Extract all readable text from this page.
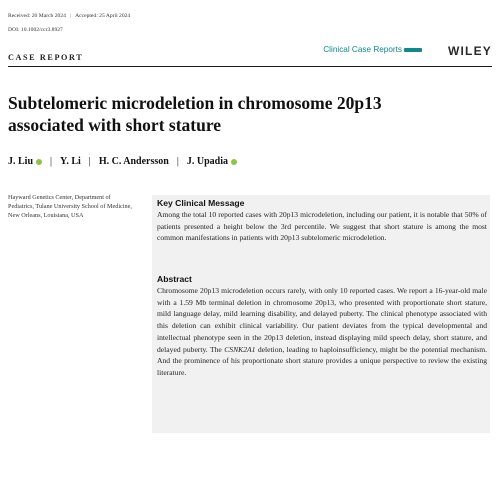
Received: 20 March 2024 | Accepted: 25 April 2024
DOI: 10.1002/ccr3.8927
CASE REPORT
Clinical Case Reports	WILEY
Subtelomeric microdeletion in chromosome 20p13
associated with short stature
J. Liu | Y. Li | H. C. Andersson | J. Upadia
Hayward Genetics Center, Department of Pediatrics, Tulane University School of Medicine, New Orleans, Louisiana, USA
Key Clinical Message
Among the total 10 reported cases with 20p13 microdeletion, including our patient, it is notable that 50% of patients presented a height below the 3rd percentile. We suggest that short stature is among the most common manifestations in patients with 20p13 subtelomeric microdeletion.
Abstract
Chromosome 20p13 microdeletion occurs rarely, with only 10 reported cases. We report a 16-year-old male with a 1.59 Mb terminal deletion in chromosome 20p13, who presented with proportionate short stature, mild language delay, mild learning disability, and delayed puberty. The clinical phenotype associated with this deletion can exhibit clinical variability. Our patient deviates from the typical developmental and intellectual phenotype seen in the 20p13 deletion, instead displaying mild speech delay, short stature, and delayed puberty. The CSNK2A1 deletion, leading to haploinsufficiency, might be the potential mechanism. And the prominence of his proportionate short stature provides a unique perspective to review the existing literature.
